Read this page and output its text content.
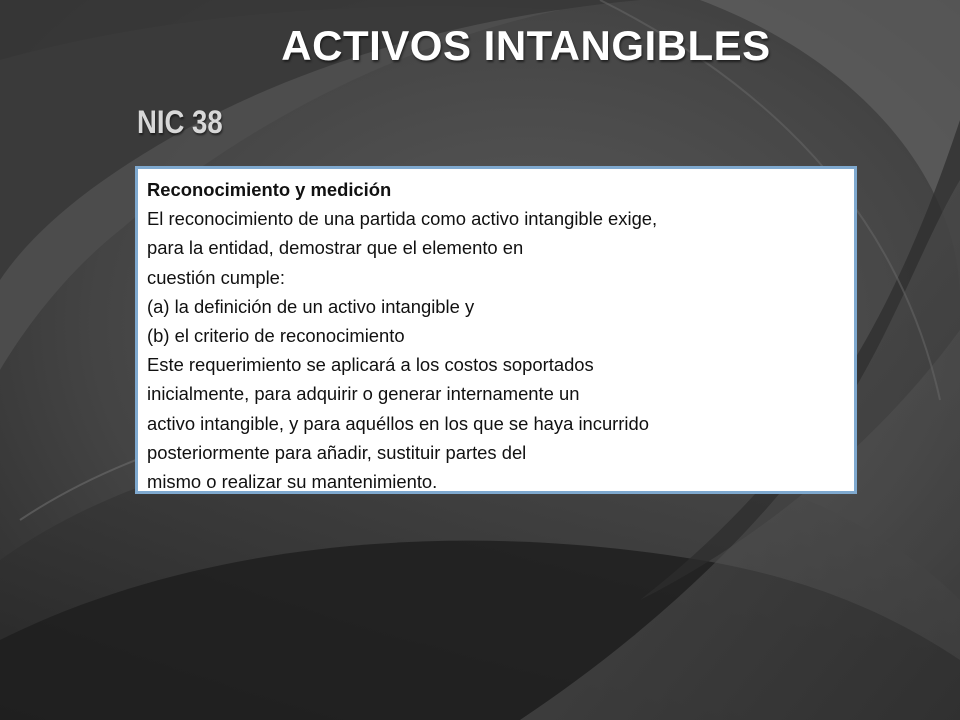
ACTIVOS INTANGIBLES
NIC 38
Reconocimiento y medición
El reconocimiento de una partida como activo intangible exige,
para la entidad, demostrar que el elemento en
cuestión cumple:
(a) la definición de un activo intangible y
(b) el criterio de reconocimiento
Este requerimiento se aplicará a los costos soportados
inicialmente, para adquirir o generar internamente un
activo intangible, y para aquéllos en los que se haya incurrido
posteriormente para añadir, sustituir partes del
mismo o realizar su mantenimiento.
